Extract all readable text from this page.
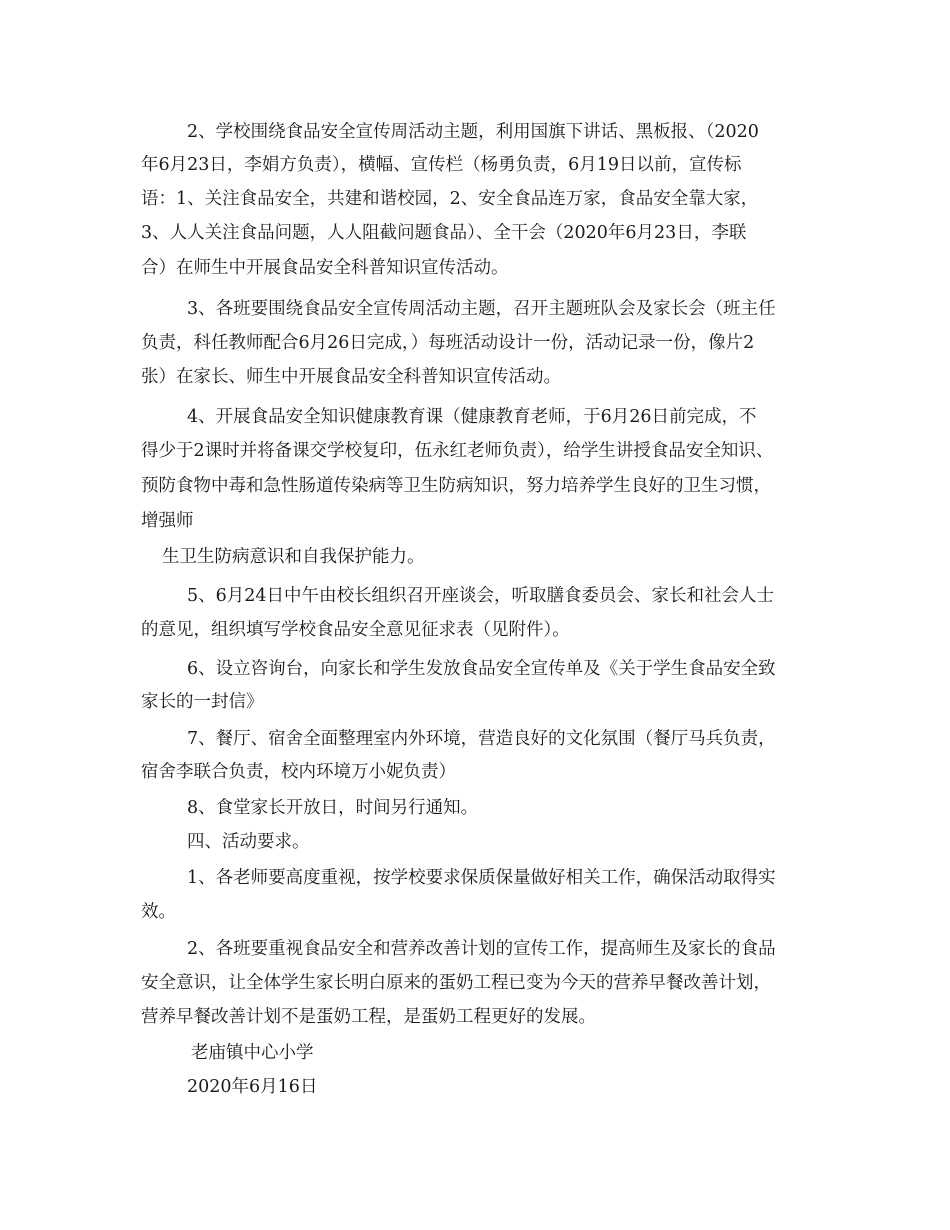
2、学校围绕食品安全宣传周活动主题，利用国旗下讲话、黑板报、（2020
年6月23日，李娟方负责），横幅、宣传栏（杨勇负责，6月19日以前，宣传标
语：1、关注食品安全，共建和谐校园，2、安全食品连万家，食品安全靠大家，
3、人人关注食品问题，人人阻截问题食品）、全干会（2020年6月23日，李联
合）在师生中开展食品安全科普知识宣传活动。
3、各班要围绕食品安全宣传周活动主题，召开主题班队会及家长会（班主任
负责，科任教师配合6月26日完成，）每班活动设计一份，活动记录一份，像片2
张）在家长、师生中开展食品安全科普知识宣传活动。
4、开展食品安全知识健康教育课（健康教育老师，于6月26日前完成，不
得少于2课时并将备课交学校复印，伍永红老师负责），给学生讲授食品安全知识、
预防食物中毒和急性肠道传染病等卫生防病知识，努力培养学生良好的卫生习惯，
增强师
生卫生防病意识和自我保护能力。
5、6月24日中午由校长组织召开座谈会，听取膳食委员会、家长和社会人士
的意见，组织填写学校食品安全意见征求表（见附件）。
6、设立咨询台，向家长和学生发放食品安全宣传单及《关于学生食品安全致
家长的一封信》
7、餐厅、宿舍全面整理室内外环境，营造良好的文化氛围（餐厅马兵负责，
宿舍李联合负责，校内环境万小妮负责）
8、食堂家长开放日，时间另行通知。
四、活动要求。
1、各老师要高度重视，按学校要求保质保量做好相关工作，确保活动取得实
效。
2、各班要重视食品安全和营养改善计划的宣传工作，提高师生及家长的食品
安全意识，让全体学生家长明白原来的蛋奶工程已变为今天的营养早餐改善计划，
营养早餐改善计划不是蛋奶工程，是蛋奶工程更好的发展。
老庙镇中心小学
2020年6月16日
